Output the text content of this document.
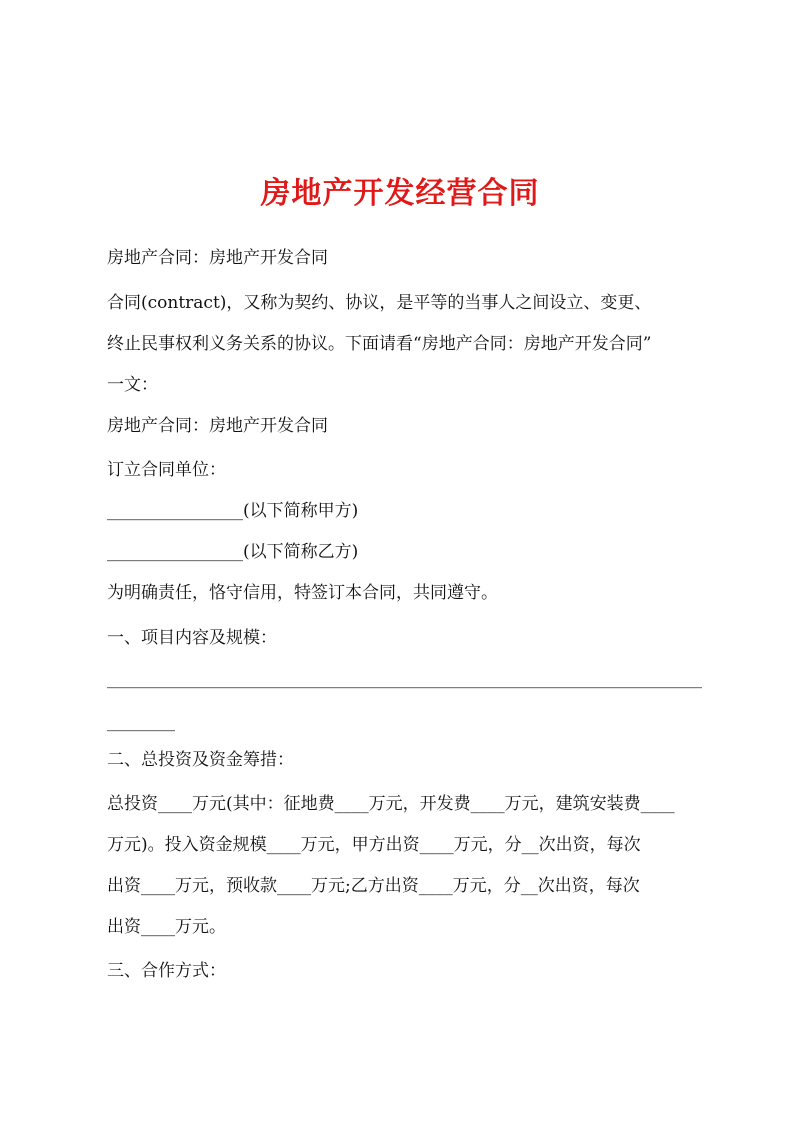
房地产开发经营合同
房地产合同：房地产开发合同
合同(contract)，又称为契约、协议，是平等的当事人之间设立、变更、
终止民事权利义务关系的协议。下面请看“房地产合同：房地产开发合同”
一文：
房地产合同：房地产开发合同
订立合同单位：
________________(以下简称甲方)
________________(以下简称乙方)
为明确责任，恪守信用，特签订本合同，共同遵守。
一、项目内容及规模：
______________________________________________________________________
________
二、总投资及资金筹措：
总投资____万元(其中：征地费____万元，开发费____万元，建筑安装费____
万元)。投入资金规模____万元，甲方出资____万元，分__次出资，每次
出资____万元，预收款____万元;乙方出资____万元，分__次出资，每次
出资____万元。
三、合作方式：
